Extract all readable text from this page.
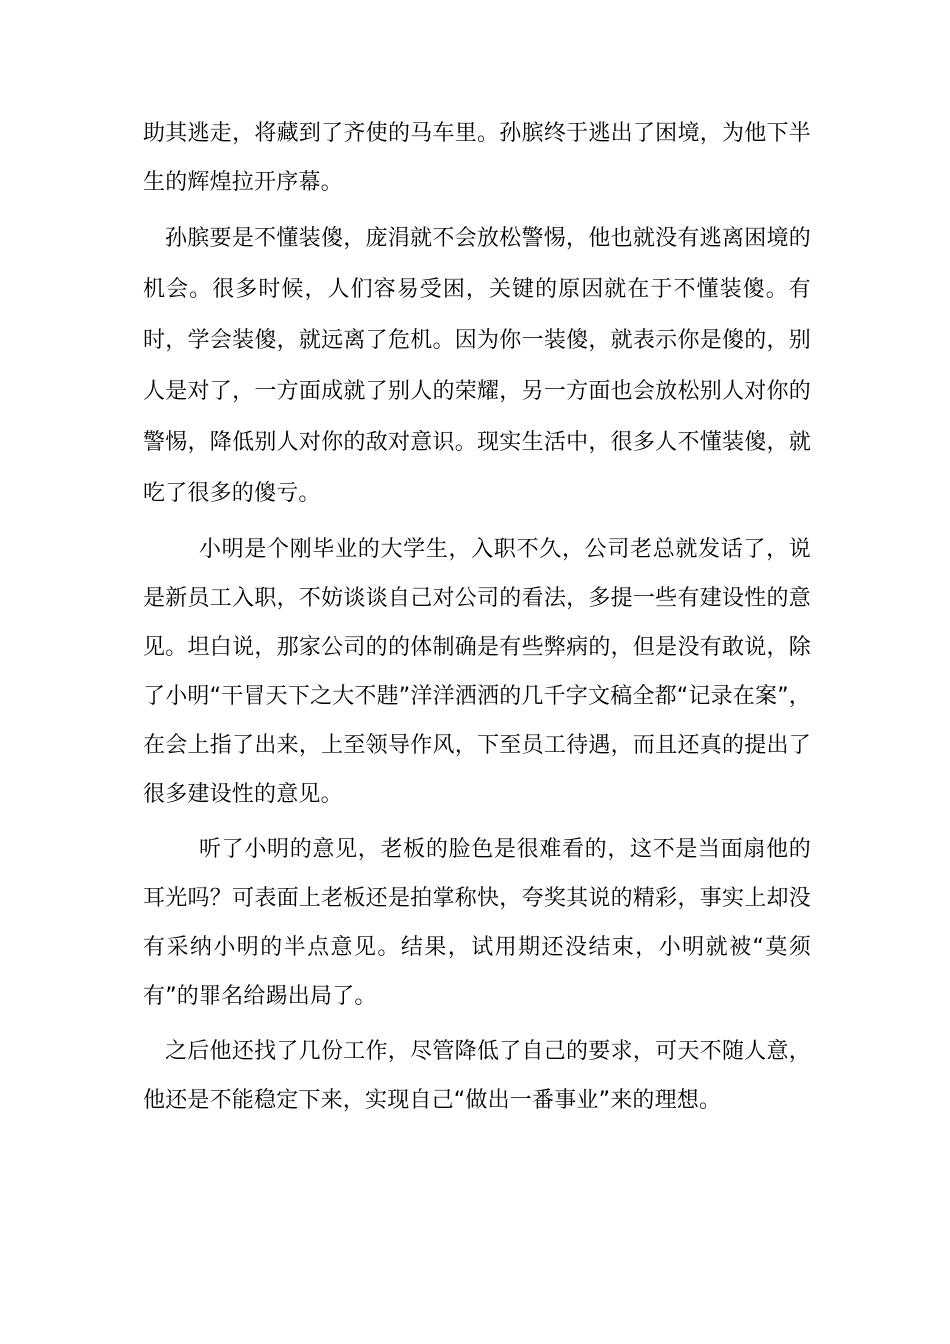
助其逃走，将藏到了齐使的马车里。孙膑终于逃出了困境，为他下半生的辉煌拉开序幕。

孙膑要是不懂装傻，庞涓就不会放松警惕，他也就没有逃离困境的机会。很多时候，人们容易受困，关键的原因就在于不懂装傻。有时，学会装傻，就远离了危机。因为你一装傻，就表示你是傻的，别人是对了，一方面成就了别人的荣耀，另一方面也会放松别人对你的警惕，降低别人对你的敌对意识。现实生活中，很多人不懂装傻，就吃了很多的傻亏。

小明是个刚毕业的大学生，入职不久，公司老总就发话了，说是新员工入职，不妨谈谈自己对公司的看法，多提一些有建设性的意见。坦白说，那家公司的的体制确是有些弊病的，但是没有敢说，除了小明“干冒天下之大不韪”洋洋洒洒的几千字文稿全都“记录在案”，在会上指了出来，上至领导作风，下至员工待遇，而且还真的提出了很多建设性的意见。

听了小明的意见，老板的脸色是很难看的，这不是当面扇他的耳光吗？可表面上老板还是拍掌称快，夸奖其说的精彩，事实上却没有采纳小明的半点意见。结果，试用期还没结束，小明就被“莫须有”的罪名给踢出局了。

之后他还找了几份工作，尽管降低了自己的要求，可天不随人意，他还是不能稳定下来，实现自己“做出一番事业”来的理想。
